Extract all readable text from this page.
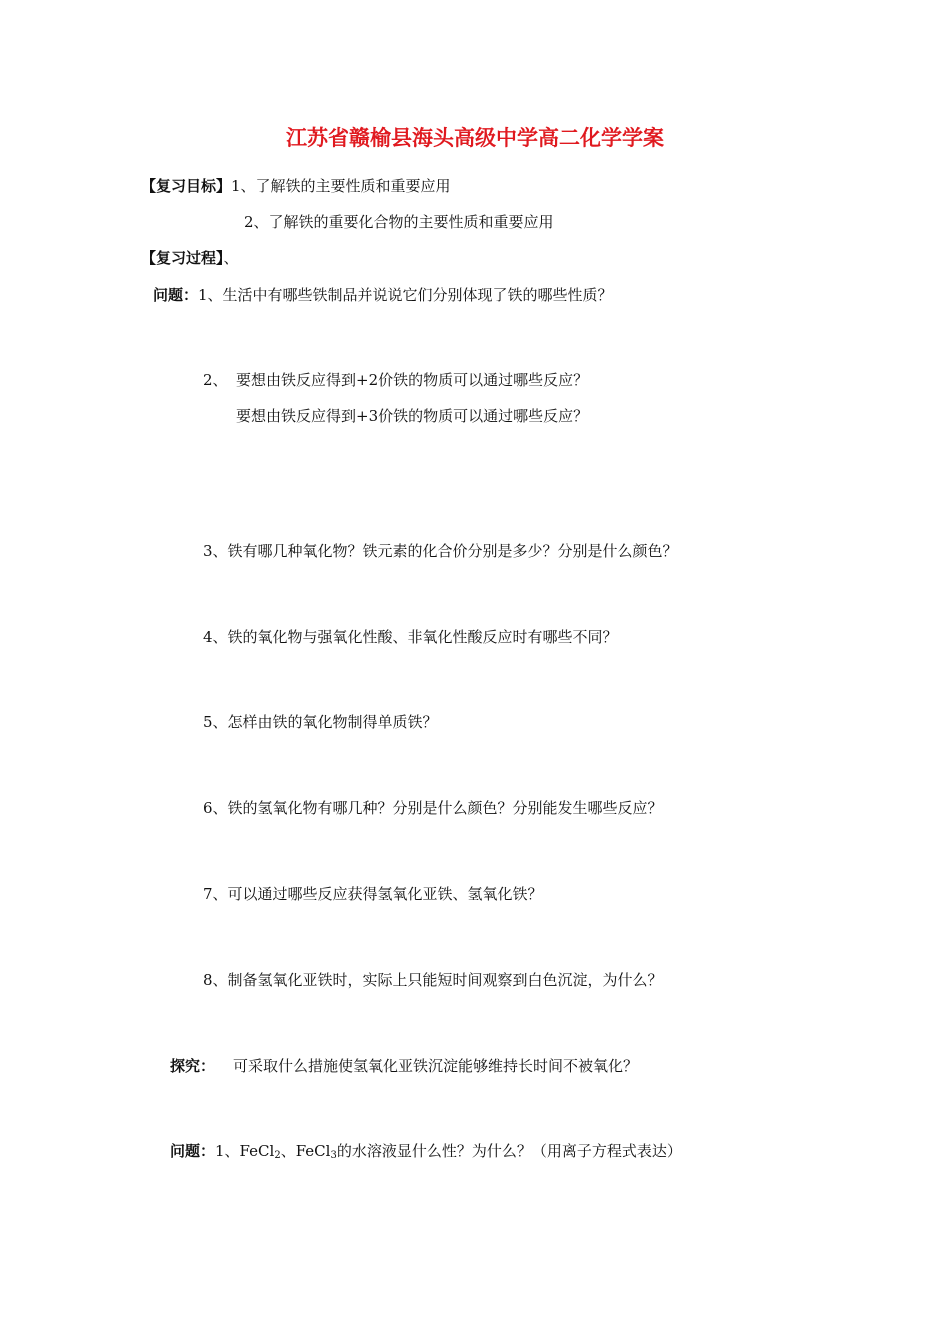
江苏省赣榆县海头高级中学高二化学学案
【复习目标】1、了解铁的主要性质和重要应用
2、了解铁的重要化合物的主要性质和重要应用
【复习过程】、
问题：1、生活中有哪些铁制品并说说它们分别体现了铁的哪些性质？
2、 要想由铁反应得到+2价铁的物质可以通过哪些反应？
要想由铁反应得到+3价铁的物质可以通过哪些反应？
3、铁有哪几种氧化物？铁元素的化合价分别是多少？分别是什么颜色？
4、铁的氧化物与强氧化性酸、非氧化性酸反应时有哪些不同？
5、怎样由铁的氧化物制得单质铁？
6、铁的氢氧化物有哪几种？分别是什么颜色？分别能发生哪些反应？
7、可以通过哪些反应获得氢氧化亚铁、氢氧化铁？
8、制备氢氧化亚铁时，实际上只能短时间观察到白色沉淀，为什么？
探究： 可采取什么措施使氢氧化亚铁沉淀能够维持长时间不被氧化？
问题：1、FeCl$_2$、FeCl$_3$的水溶液显什么性？为什么？（用离子方程式表达）
